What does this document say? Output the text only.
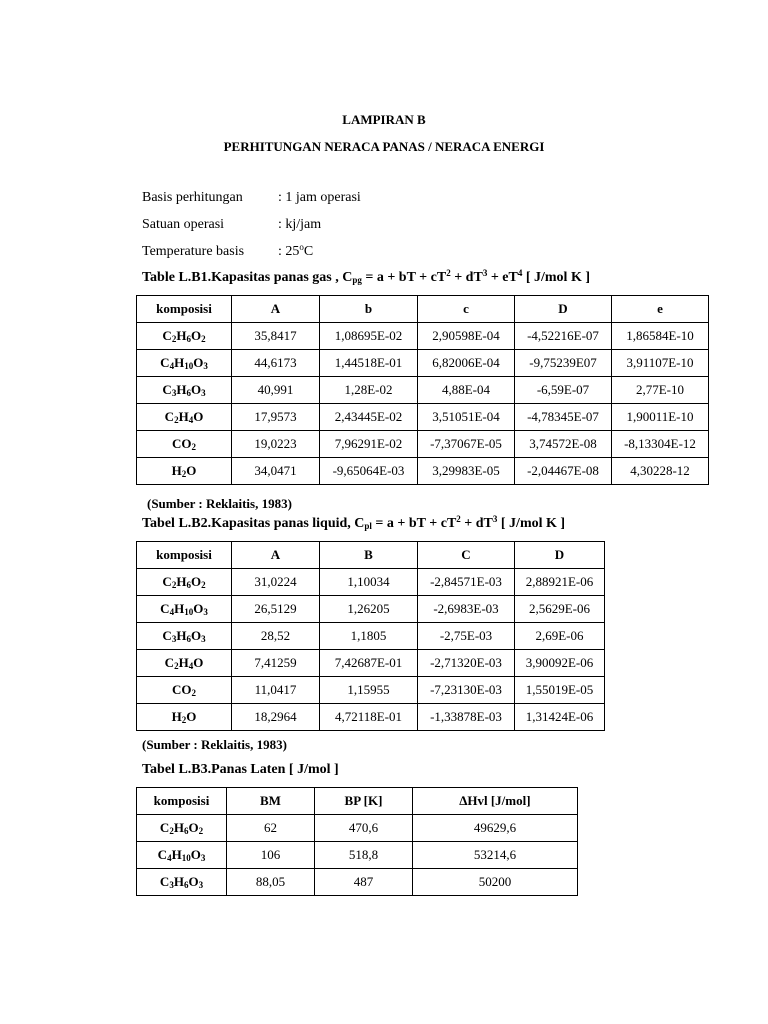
LAMPIRAN B
PERHITUNGAN NERACA PANAS / NERACA ENERGI
Basis perhitungan	: 1 jam operasi
Satuan operasi	: kj/jam
Temperature basis : 25$^o$C
Table L.B1.Kapasitas panas gas , $C_{pg} = a$ + bT + $cT^2 + dT^3 + eT^4$ [ J/mol K ]
komposisi	A	b	c	D	e
$C_2H_6O_2$	35,8417	1,08695E-02	2,90598E-04	-4,52216E-07	1,86584E-10
$C_4H_{10}O_3$	44,6173	1,44518E-01	6,82006E-04	-9,75239E07	3,91107E-10
$C_3H_6O_3$	40,991	1,28E-02	4,88E-04	-6,59E-07	2,77E-10
$C_2H_4O$	17,9573	2,43445E-02	3,51051E-04	-4,78345E-07	1,90011E-10
$CO_2$	19,0223	7,96291E-02	-7,37067E-05	3,74572E-08	-8,13304E-12
$H_2O$	34,0471	-9,65064E-03	3,29983E-05	-2,04467E-08	4,30228-12
(Sumber : Reklaitis, 1983)
Tabel L.B2.Kapasitas panas liquid, $C_{pl} = a$ + bT + $cT^2 + dT^3$ [ J/mol K ]
komposisi	A	B	C	D
$C_2H_6O_2$	31,0224	1,10034	-2,84571E-03	2,88921E-06
$C_4H_{10}O_3$	26,5129	1,26205	-2,6983E-03	2,5629E-06
$C_3H_6O_3$	28,52	1,1805	-2,75E-03	2,69E-06
$C_2H_4O$	7,41259	7,42687E-01	-2,71320E-03	3,90092E-06
$CO_2$	11,0417	1,15955	-7,23130E-03	1,55019E-05
$H_2O$	18,2964	4,72118E-01	-1,33878E-03	1,31424E-06
(Sumber : Reklaitis, 1983)
Tabel L.B3.Panas Laten [ J/mol ]
komposisi	BM	BP [K]	∆Hvl [J/mol]
$C_2H_6O_2$	62	470,6	49629,6
$C_4H_{10}O_3$	106	518,8	53214,6
$C_3H_6O_3$	88,05	487	50200
